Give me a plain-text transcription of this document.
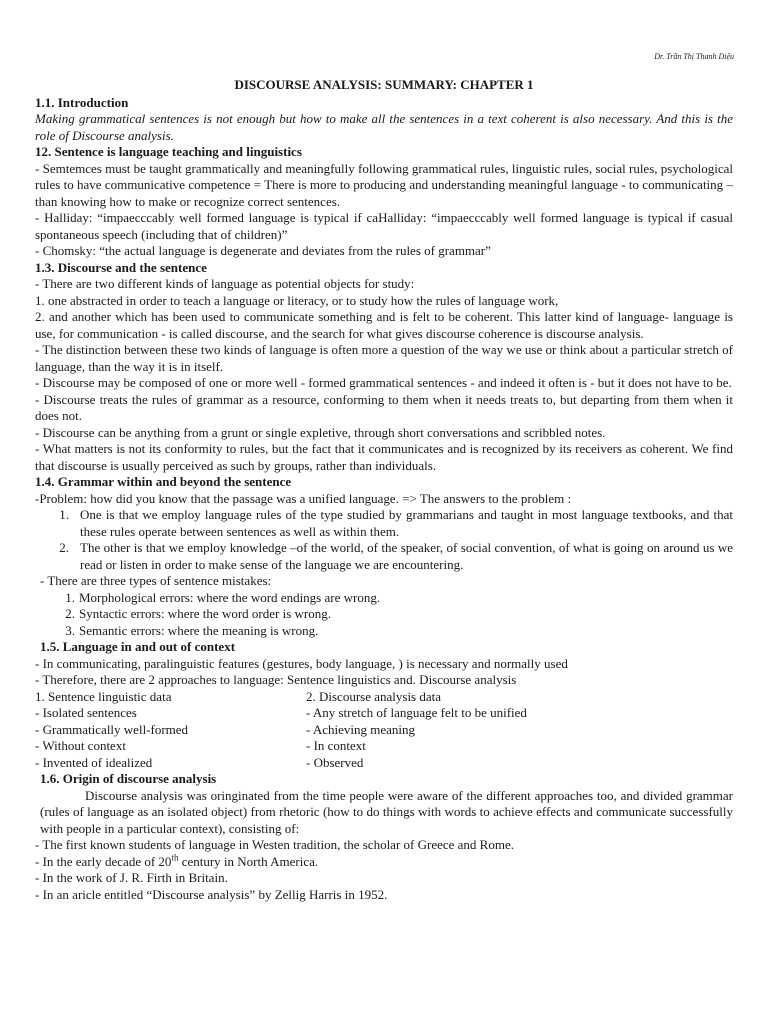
Dr. Trần Thị Thanh Diệu
DISCOURSE ANALYSIS: SUMMARY: CHAPTER 1
1.1. Introduction
Making grammatical sentences is not enough but how to make all the sentences in a text coherent is also necessary. And this is the role of Discourse analysis.
12. Sentence is language teaching and linguistics
- Semtemces must be taught grammatically and meaningfully following grammatical rules, linguistic rules, social rules, psychological rules to have communicative competence = There is more to producing and understanding meaningful language - to communicating – than knowing how to make or recognize correct sentences.
- Halliday: “impaecccably well formed language is typical if caHalliday: “impaecccably well formed language is typical if casual spontaneous speech (including that of children)”
- Chomsky: “the actual language is degenerate and deviates from the rules of grammar”
1.3. Discourse and the sentence
- There are two different kinds of language as potential objects for study:
1. one abstracted in order to teach a language or literacy, or to study how the rules of language work,
2. and another which has been used to communicate something and is felt to be coherent. This latter kind of language- language is use, for communication - is called discourse, and the search for what gives discourse coherence is discourse analysis.
- The distinction between these two kinds of language is often more a question of the way we use or think about a particular stretch of language, than the way it is in itself.
- Discourse may be composed of one or more well - formed grammatical sentences - and indeed it often is - but it does not have to be.
- Discourse treats the rules of grammar as a resource, conforming to them when it needs treats to, but departing from them when it does not.
- Discourse can be anything from a grunt or single expletive, through short conversations and scribbled notes.
- What matters is not its conformity to rules, but the fact that it communicates and is recognized by its receivers as coherent. We find that discourse is usually perceived as such by groups, rather than individuals.
1.4. Grammar within and beyond the sentence
-Problem: how did you know that the passage was a unified language. => The answers to the problem :
1. One is that we employ language rules of the type studied by grammarians and taught in most language textbooks, and that these rules operate between sentences as well as within them.
2. The other is that we employ knowledge –of the world, of the speaker, of social convention, of what is going on around us we read or listen in order to make sense of the language we are encountering.
- There are three types of sentence mistakes:
1. Morphological errors: where the word endings are wrong.
2. Syntactic errors: where the word order is wrong.
3. Semantic errors: where the meaning is wrong.
1.5. Language in and out of context
- In communicating, paralinguistic features (gestures, body language, ) is necessary and normally used
- Therefore, there are 2 approaches to language: Sentence linguistics and. Discourse analysis
1. Sentence linguistic data	2. Discourse analysis data
- Isolated sentences	- Any stretch of language felt to be unified
- Grammatically well-formed	- Achieving meaning
- Without context	- In context
- Invented of idealized	- Observed
1.6. Origin of discourse analysis
Discourse analysis was oringinated from the time people were aware of the different approaches too, and divided grammar (rules of language as an isolated object) from rhetoric (how to do things with words to achieve effects and communicate successfully with people in a particular context), consisting of:
- The first known students of language in Westen tradition, the scholar of Greece and Rome.
- In the early decade of 20th century in North America.
- In the work of J. R. Firth in Britain.
- In an aricle entitled “Discourse analysis” by Zellig Harris in 1952.
